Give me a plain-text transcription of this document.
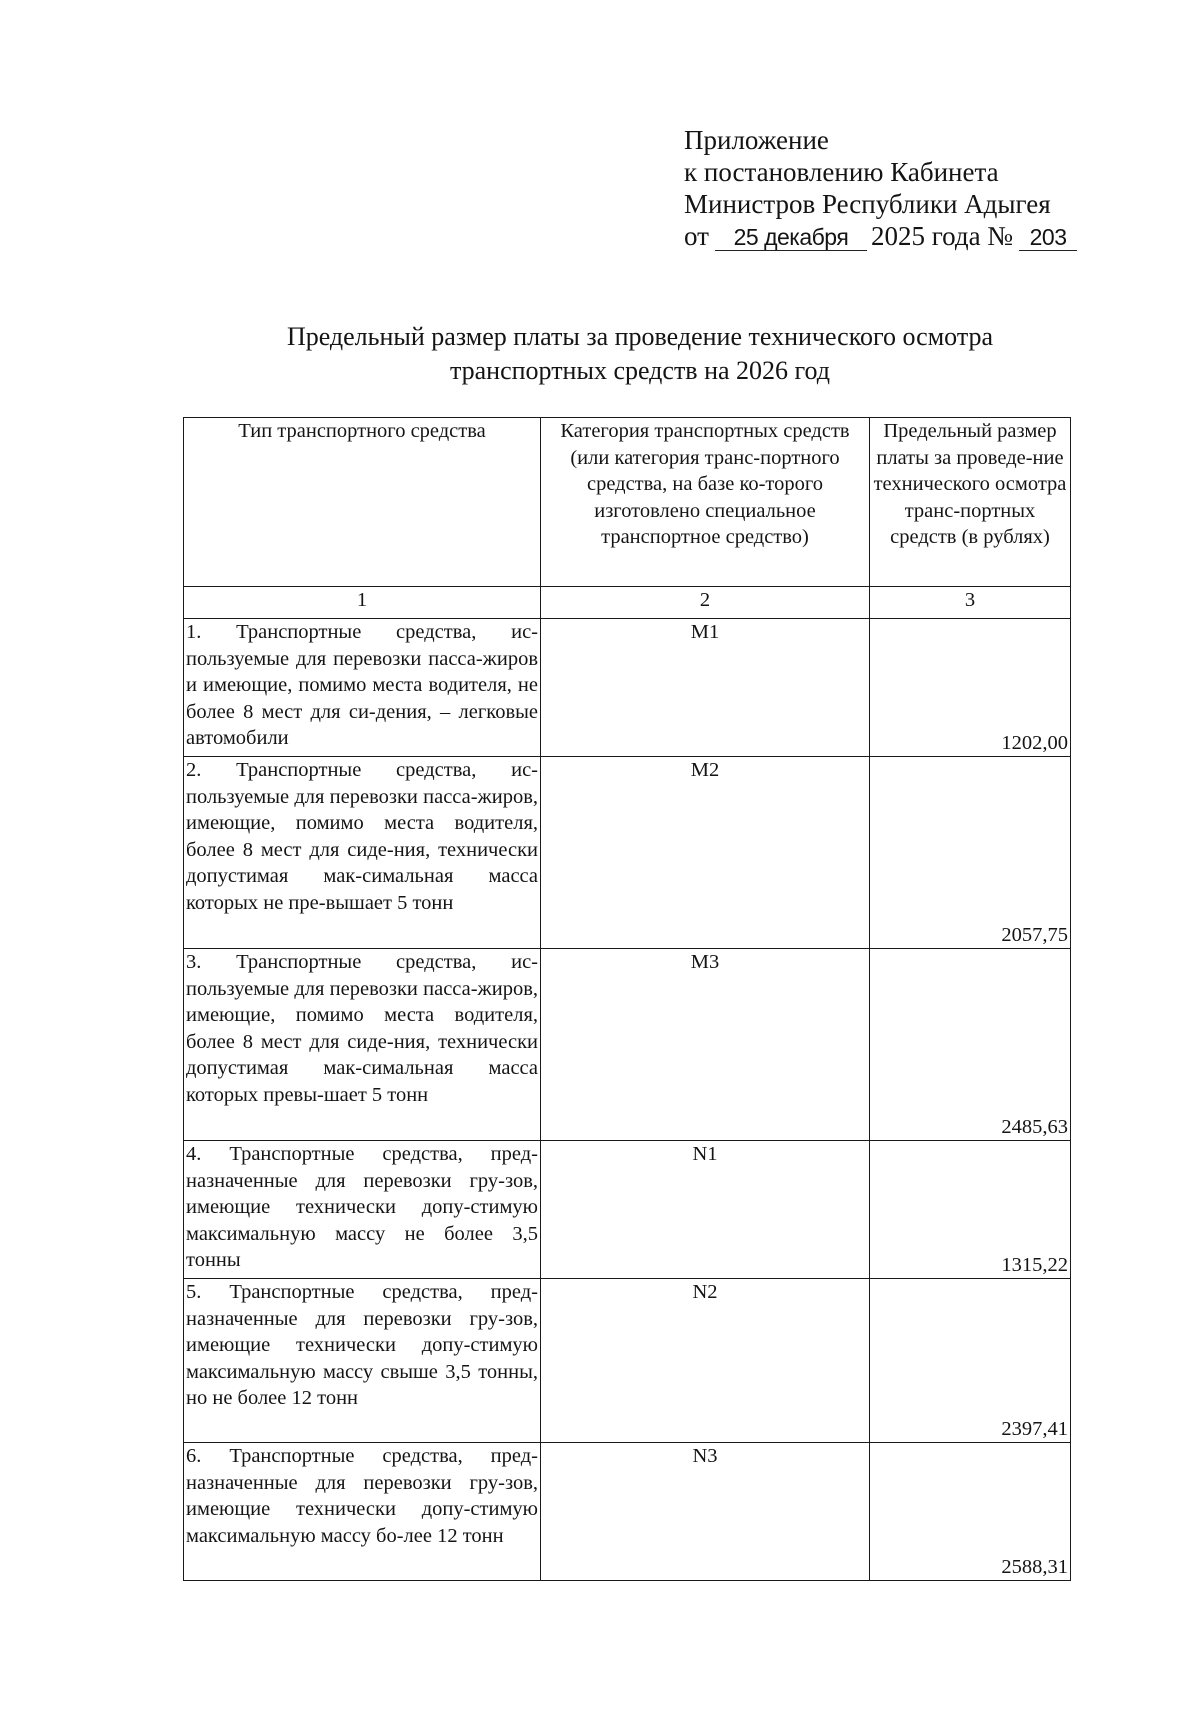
Приложение
к постановлению Кабинета
Министров Республики Адыгея
от 25 декабря 2025 года № 203
Предельный размер платы за проведение технического осмотра
транспортных средств на 2026 год
Тип транспортного средства	Категория транспортных средств (или категория транс-портного средства, на базе ко-торого изготовлено специальное транспортное средство)	Предельный размер платы за проведе-ние технического осмотра транс-портных средств (в рублях)
1	2	3
1. Транспортные средства, ис-пользуемые для перевозки пасса-жиров и имеющие, помимо места водителя, не более 8 мест для си-дения, – легковые автомобили	M1	1202,00
2. Транспортные средства, ис-пользуемые для перевозки пасса-жиров, имеющие, помимо места водителя, более 8 мест для сиде-ния, технически допустимая мак-симальная масса которых не пре-вышает 5 тонн	M2	2057,75
3. Транспортные средства, ис-пользуемые для перевозки пасса-жиров, имеющие, помимо места водителя, более 8 мест для сиде-ния, технически допустимая мак-симальная масса которых превы-шает 5 тонн	M3	2485,63
4. Транспортные средства, пред-назначенные для перевозки гру-зов, имеющие технически допу-стимую максимальную массу не более 3,5 тонны	N1	1315,22
5. Транспортные средства, пред-назначенные для перевозки гру-зов, имеющие технически допу-стимую максимальную массу свыше 3,5 тонны, но не более 12 тонн	N2	2397,41
6. Транспортные средства, пред-назначенные для перевозки гру-зов, имеющие технически допу-стимую максимальную массу бо-лее 12 тонн	N3	2588,31
